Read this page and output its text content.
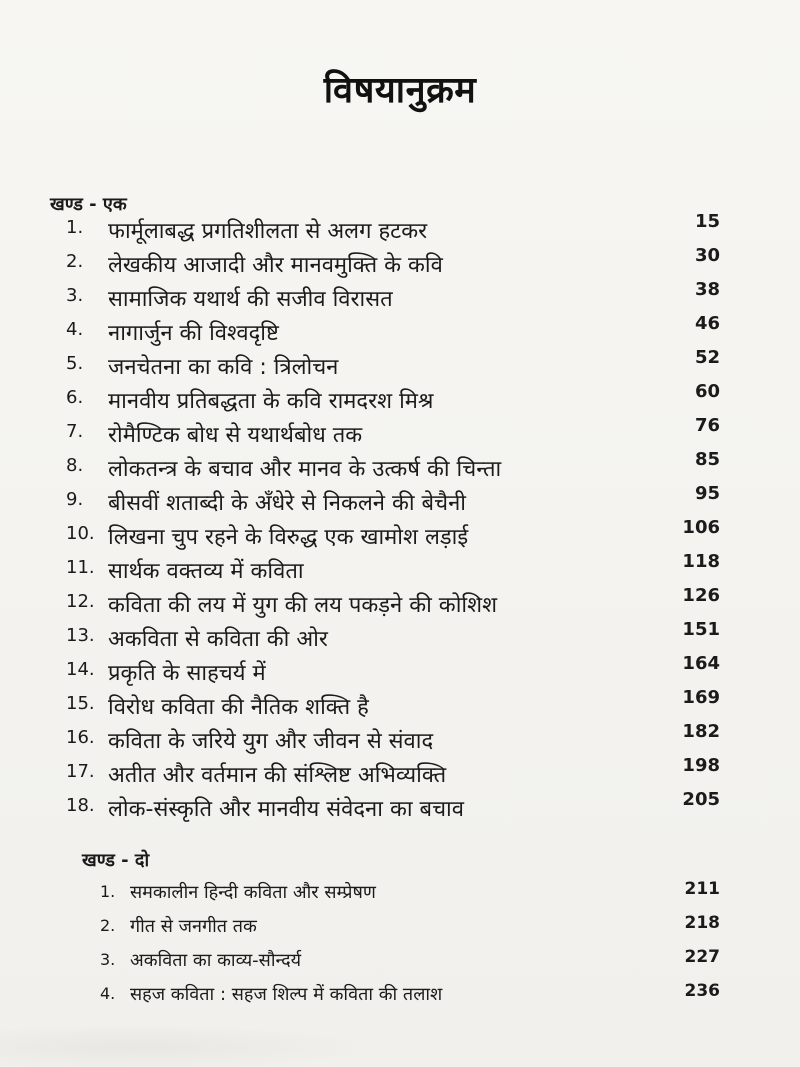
विषयानुक्रम
खण्ड - एक
1. फार्मूलाबद्ध प्रगतिशीलता से अलग हटकर	15
2. लेखकीय आजादी और मानवमुक्ति के कवि	30
3. सामाजिक यथार्थ की सजीव विरासत	38
4. नागार्जुन की विश्वदृष्टि	46
5. जनचेतना का कवि : त्रिलोचन	52
6. मानवीय प्रतिबद्धता के कवि रामदरश मिश्र	60
7. रोमैण्टिक बोध से यथार्थबोध तक	76
8. लोकतन्त्र के बचाव और मानव के उत्कर्ष की चिन्ता	85
9. बीसवीं शताब्दी के अँधेरे से निकलने की बेचैनी	95
10. लिखना चुप रहने के विरुद्ध एक खामोश लड़ाई	106
11. सार्थक वक्तव्य में कविता	118
12. कविता की लय में युग की लय पकड़ने की कोशिश	126
13. अकविता से कविता की ओर	151
14. प्रकृति के साहचर्य में	164
15. विरोध कविता की नैतिक शक्ति है	169
16. कविता के जरिये युग और जीवन से संवाद	182
17. अतीत और वर्तमान की संश्लिष्ट अभिव्यक्ति	198
18. लोक-संस्कृति और मानवीय संवेदना का बचाव	205
खण्ड - दो
1. समकालीन हिन्दी कविता और सम्प्रेषण	211
2. गीत से जनगीत तक	218
3. अकविता का काव्य-सौन्दर्य	227
4. सहज कविता : सहज शिल्प में कविता की तलाश	236
